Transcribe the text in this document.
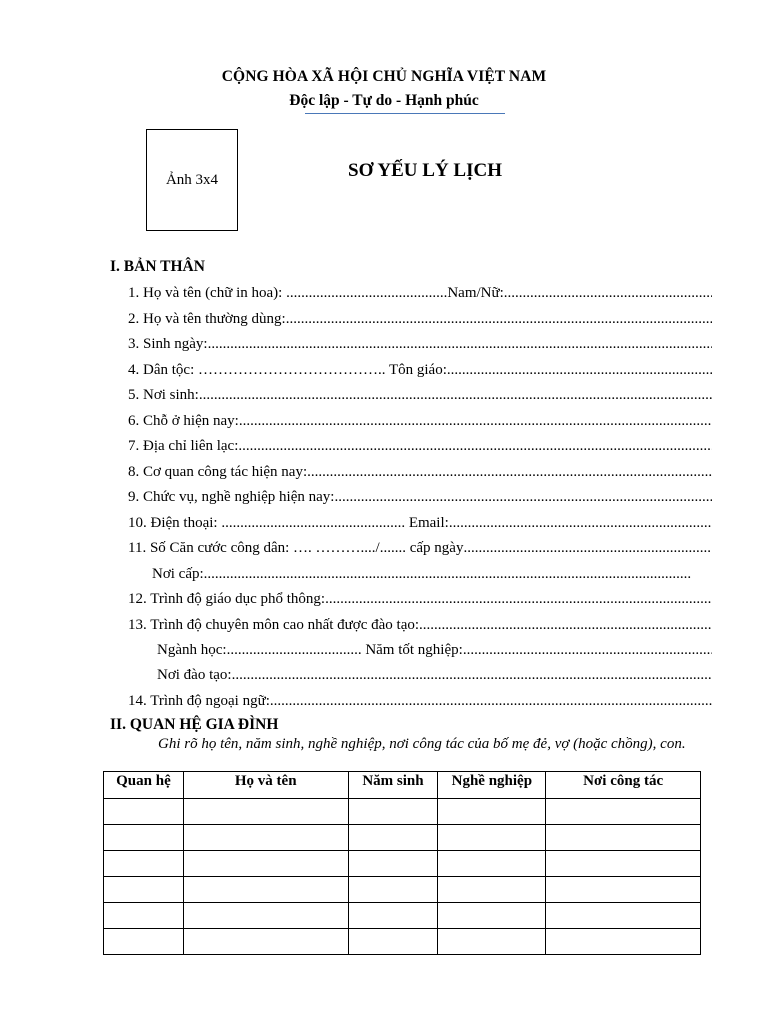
CỘNG HÒA XÃ HỘI CHỦ NGHĨA VIỆT NAM
Độc lập - Tự do - Hạnh phúc
Ảnh 3x4	SƠ YẾU LÝ LỊCH
I. BẢN THÂN
1. Họ và tên (chữ in hoa): ...........................................Nam/Nữ:
.....
2. Họ và tên thường dùng:
.....
3. Sinh ngày:
.....
4. Dân tộc: ……………………………….. Tôn giáo:
.....
5. Nơi sinh:
.....
6. Chỗ ở hiện nay:
.....
7. Địa chỉ liên lạc:
.....
8. Cơ quan công tác hiện nay:
.....
9. Chức vụ, nghề nghiệp hiện nay:
.....
10. Điện thoại: ................................................. Email:
.....
11. Số Căn cước công dân: …. ………..../....... cấp ngày
.....
Nơi cấp:
.....
12. Trình độ giáo dục phổ thông:
.....
13. Trình độ chuyên môn cao nhất được đào tạo:
.....
Ngành học:.................................... Năm tốt nghiệp:
.....
Nơi đào tạo:
.....
14. Trình độ ngoại ngữ:
.....
II. QUAN HỆ GIA ĐÌNH
Ghi rõ họ tên, năm sinh, nghề nghiệp, nơi công tác của bố mẹ đẻ, vợ (hoặc chồng), con.
Quan hệ	Họ và tên	Năm sinh	Nghề nghiệp	Nơi công tác
